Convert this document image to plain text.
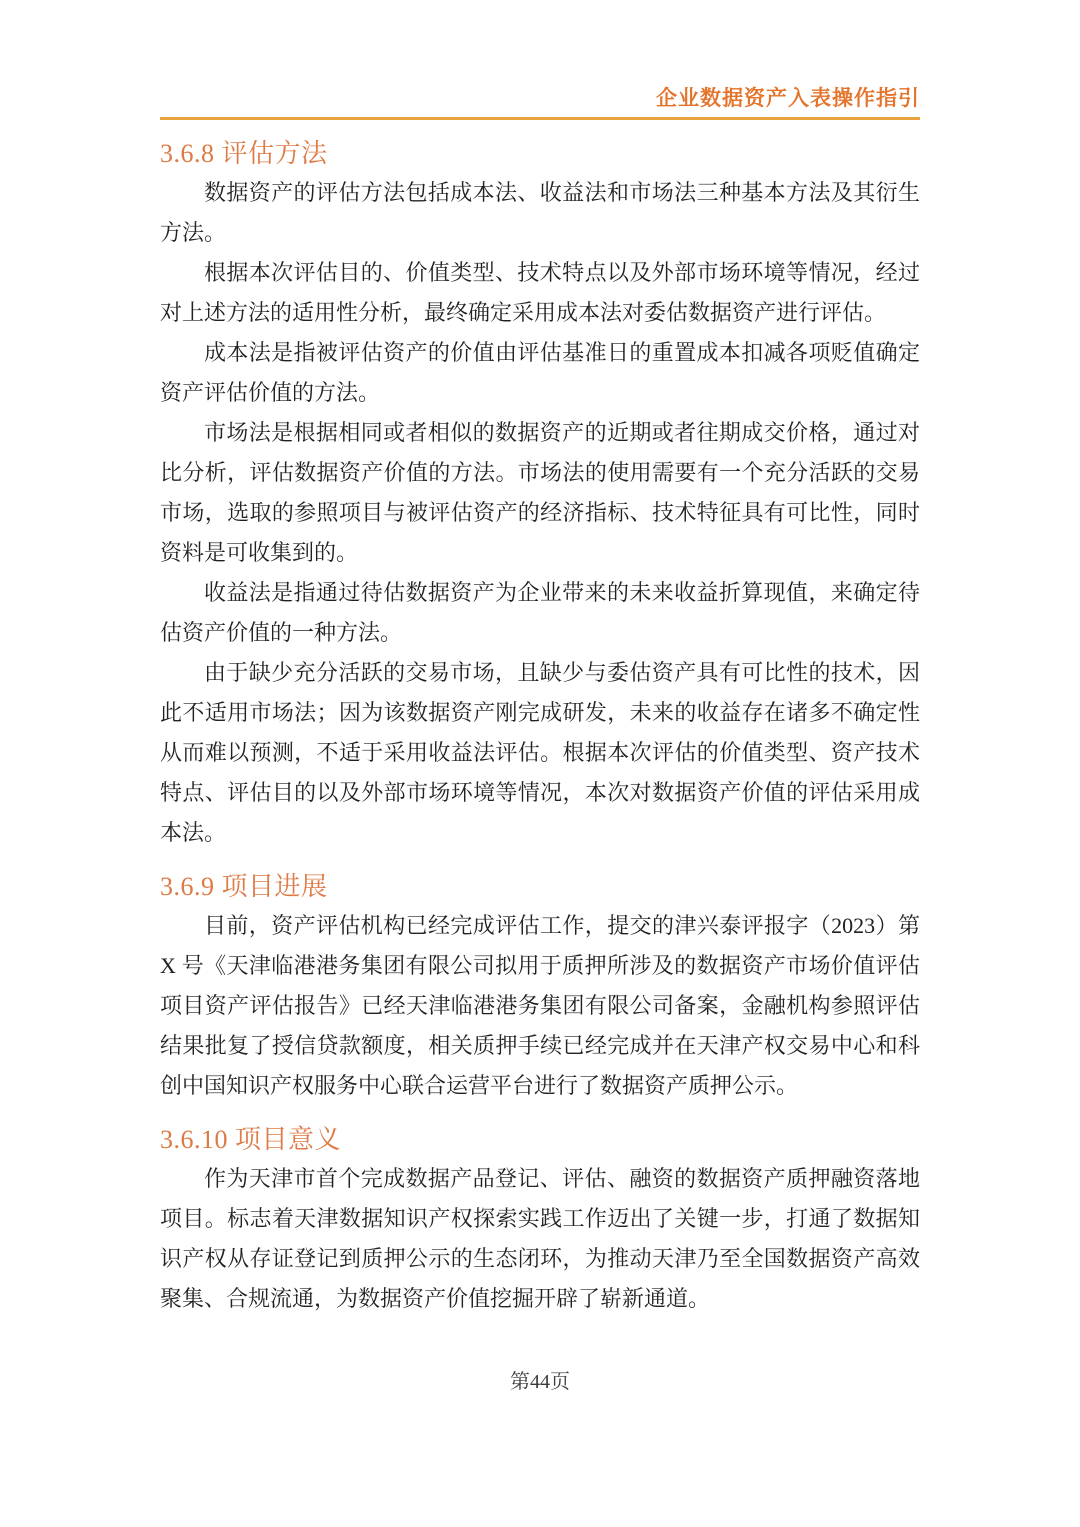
企业数据资产入表操作指引
3.6.8 评估方法

数据资产的评估方法包括成本法、收益法和市场法三种基本方法及其衍生方法。

根据本次评估目的、价值类型、技术特点以及外部市场环境等情况，经过对上述方法的适用性分析，最终确定采用成本法对委估数据资产进行评估。

成本法是指被评估资产的价值由评估基准日的重置成本扣减各项贬值确定资产评估价值的方法。

市场法是根据相同或者相似的数据资产的近期或者往期成交价格，通过对比分析，评估数据资产价值的方法。市场法的使用需要有一个充分活跃的交易市场，选取的参照项目与被评估资产的经济指标、技术特征具有可比性，同时资料是可收集到的。

收益法是指通过待估数据资产为企业带来的未来收益折算现值，来确定待估资产价值的一种方法。

由于缺少充分活跃的交易市场，且缺少与委估资产具有可比性的技术，因此不适用市场法；因为该数据资产刚完成研发，未来的收益存在诸多不确定性从而难以预测，不适于采用收益法评估。根据本次评估的价值类型、资产技术特点、评估目的以及外部市场环境等情况，本次对数据资产价值的评估采用成本法。

3.6.9 项目进展

目前，资产评估机构已经完成评估工作，提交的津兴泰评报字（2023）第X 号《天津临港港务集团有限公司拟用于质押所涉及的数据资产市场价值评估项目资产评估报告》已经天津临港港务集团有限公司备案，金融机构参照评估结果批复了授信贷款额度，相关质押手续已经完成并在天津产权交易中心和科创中国知识产权服务中心联合运营平台进行了数据资产质押公示。

3.6.10 项目意义

作为天津市首个完成数据产品登记、评估、融资的数据资产质押融资落地项目。标志着天津数据知识产权探索实践工作迈出了关键一步，打通了数据知识产权从存证登记到质押公示的生态闭环，为推动天津乃至全国数据资产高效聚集、合规流通，为数据资产价值挖掘开辟了崭新通道。

第44页
